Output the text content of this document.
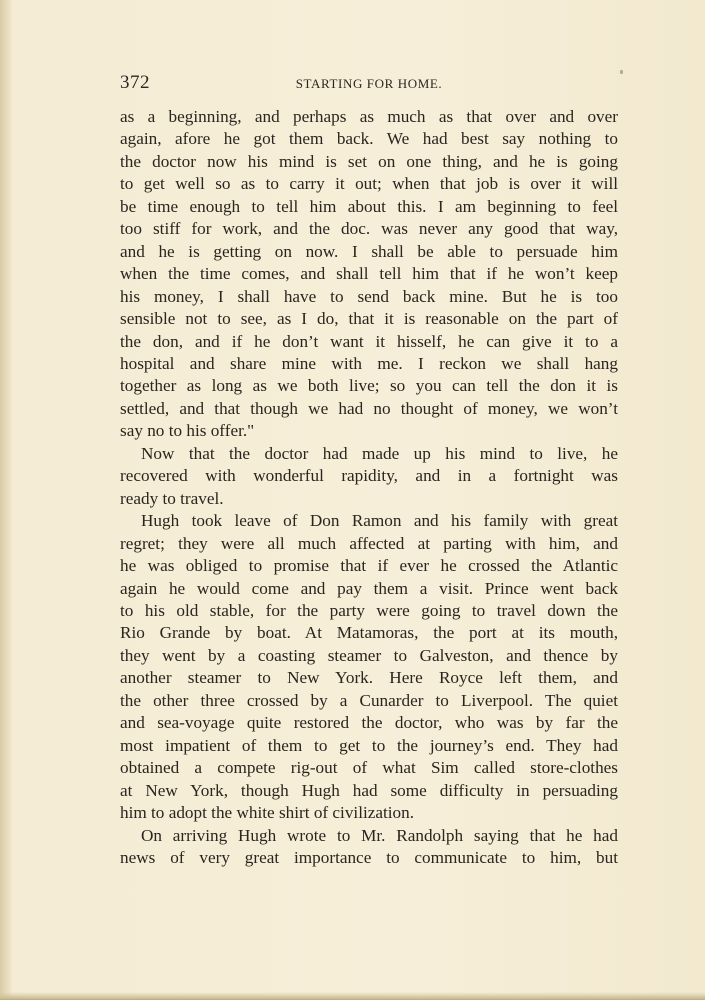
372	STARTING FOR HOME.

as a beginning, and perhaps as much as that over and over

again, afore he got them back. We had best say nothing to

the doctor now his mind is set on one thing, and he is going

to get well so as to carry it out; when that job is over it will

be time enough to tell him about this. I am beginning to feel

too stiff for work, and the doc. was never any good that way,

and he is getting on now. I shall be able to persuade him

when the time comes, and shall tell him that if he won’t keep

his money, I shall have to send back mine. But he is too

sensible not to see, as I do, that it is reasonable on the part of

the don, and if he don’t want it hisself, he can give it to a

hospital and share mine with me. I reckon we shall hang

together as long as we both live; so you can tell the don it is

settled, and that though we had no thought of money, we won’t

say no to his offer."

Now that the doctor had made up his mind to live, he

recovered with wonderful rapidity, and in a fortnight was

ready to travel.

Hugh took leave of Don Ramon and his family with great

regret; they were all much affected at parting with him, and

he was obliged to promise that if ever he crossed the Atlantic

again he would come and pay them a visit. Prince went back

to his old stable, for the party were going to travel down the

Rio Grande by boat. At Matamoras, the port at its mouth,

they went by a coasting steamer to Galveston, and thence by

another steamer to New York. Here Royce left them, and

the other three crossed by a Cunarder to Liverpool. The quiet

and sea-voyage quite restored the doctor, who was by far the

most impatient of them to get to the journey’s end. They had

obtained a compete rig-out of what Sim called store-clothes

at New York, though Hugh had some difficulty in persuading

him to adopt the white shirt of civilization.

On arriving Hugh wrote to Mr. Randolph saying that he had

news of very great importance to communicate to him, but
